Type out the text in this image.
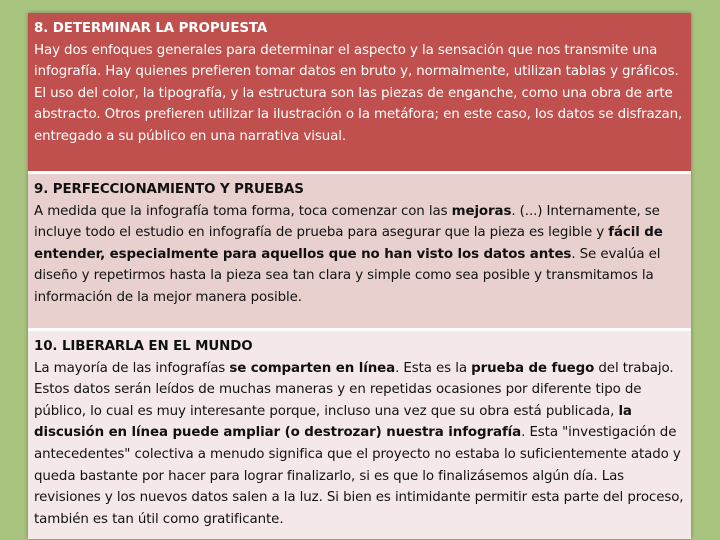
8. DETERMINAR LA PROPUESTA
Hay dos enfoques generales para determinar el aspecto y la sensación que nos transmite una infografía. Hay quienes prefieren tomar datos en bruto y, normalmente, utilizan tablas y gráficos. El uso del color, la tipografía, y la estructura son las piezas de enganche, como una obra de arte abstracto. Otros prefieren utilizar la ilustración o la metáfora; en este caso, los datos se disfrazan, entregado a su público en una narrativa visual.
9. PERFECCIONAMIENTO Y PRUEBAS
A medida que la infografía toma forma, toca comenzar con las mejoras. (...) Internamente, se incluye todo el estudio en infografía de prueba para asegurar que la pieza es legible y fácil de entender, especialmente para aquellos que no han visto los datos antes. Se evalúa el diseño y repetirmos hasta la pieza sea tan clara y simple como sea posible y transmitamos la información de la mejor manera posible.
10. LIBERARLA EN EL MUNDO
La mayoría de las infografías se comparten en línea. Esta es la prueba de fuego del trabajo. Estos datos serán leídos de muchas maneras y en repetidas ocasiones por diferente tipo de público, lo cual es muy interesante porque, incluso una vez que su obra está publicada, la discusión en línea puede ampliar (o destrozar) nuestra infografía. Esta "investigación de antecedentes" colectiva a menudo significa que el proyecto no estaba lo suficientemente atado y queda bastante por hacer para lograr finalizarlo, si es que lo finalizásemos algún día. Las revisiones y los nuevos datos salen a la luz. Si bien es intimidante permitir esta parte del proceso, también es tan útil como gratificante.
